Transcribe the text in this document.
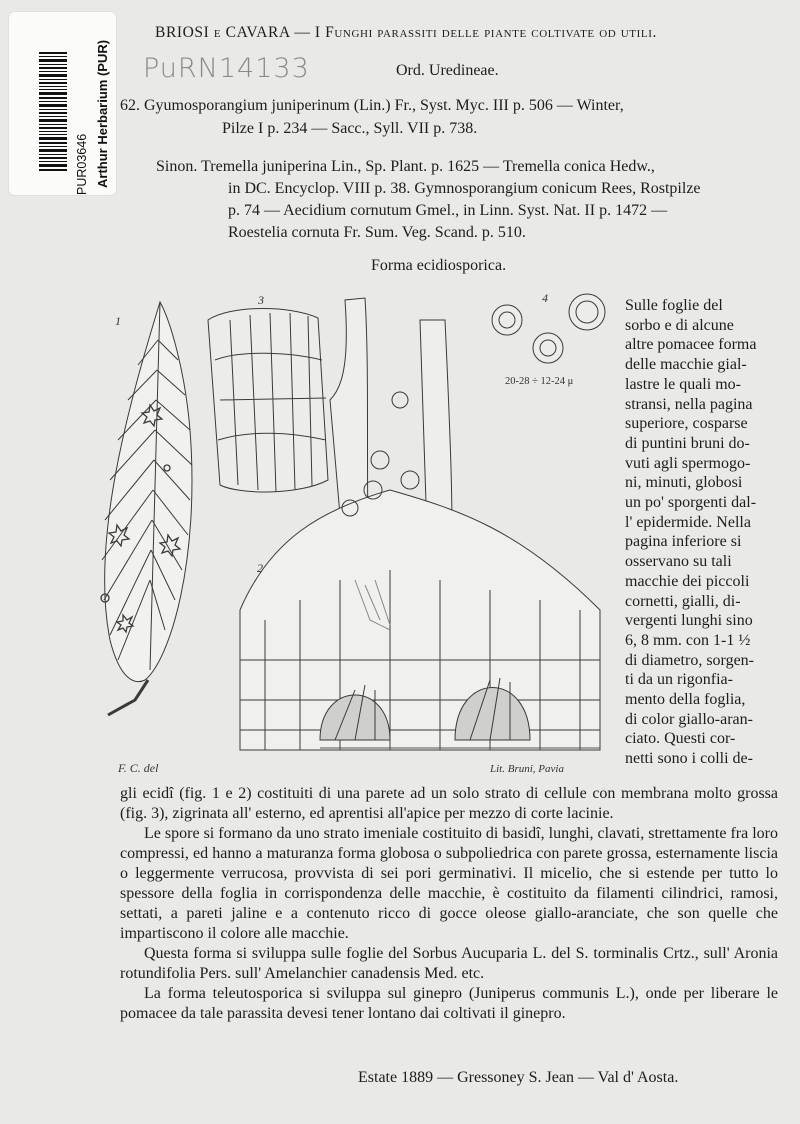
PUR03646 Arthur Herbarium (PUR) PuRN14133
BRIOSI e CAVARA — I Funghi parassiti delle piante coltivate od utili.
Ord. Uredineae.
62. Gyumosporangium juniperinum (Lin.) Fr., Syst. Myc. III p. 506 — Winter,
Pilze I p. 234 — Sacc., Syll. VII p. 738.
Sinon. Tremella juniperina Lin., Sp. Plant. p. 1625 — Tremella conica Hedw.,
in DC. Encyclop. VIII p. 38. Gymnosporangium conicum Rees, Rostpilze
p. 74 — Aecidium cornutum Gmel., in Linn. Syst. Nat. II p. 1472 —
Roestelia cornuta Fr. Sum. Veg. Scand. p. 510.
Forma ecidiosporica.
1
2
3	4
20-28 ÷ 12-24 μ
F. C. del	Lit. Bruni, Pavia
Sulle foglie del
sorbo e di alcune
altre pomacee forma
delle macchie gial-
lastre le quali mo-
stransi, nella pagina
superiore, cosparse
di puntini bruni do-
vuti agli spermogo-
ni, minuti, globosi
un po' sporgenti dal-
l' epidermide. Nella
pagina inferiore si
osservano su tali
macchie dei piccoli
cornetti, gialli, di-
vergenti lunghi sino
6, 8 mm. con 1-1 ½
di diametro, sorgen-
ti da un rigonfia-
mento della foglia,
di color giallo-aran-
ciato. Questi cor-
netti sono i colli de-

gli ecidî (fig. 1 e 2) costituiti di una parete ad un solo strato di cellule con membrana molto grossa (fig. 3), zigrinata all' esterno, ed aprentisi all'apice per mezzo di corte lacinie.

Le spore si formano da uno strato imeniale costituito di basidî, lunghi, clavati, strettamente fra loro compressi, ed hanno a maturanza forma globosa o subpoliedrica con parete grossa, esternamente liscia o leggermente verrucosa, provvista di sei pori germinativi. Il micelio, che si estende per tutto lo spessore della foglia in corrispondenza delle macchie, è costituito da filamenti cilindrici, ramosi, settati, a pareti jaline e a contenuto ricco di gocce oleose giallo-aranciate, che son quelle che impartiscono il colore alle macchie.

Questa forma si sviluppa sulle foglie del Sorbus Aucuparia L. del S. torminalis Crtz., sull' Aronia rotundifolia Pers. sull' Amelanchier canadensis Med. etc.

La forma teleutosporica si sviluppa sul ginepro (Juniperus communis L.), onde per liberare le pomacee da tale parassita devesi tener lontano dai coltivati il ginepro.

Estate 1889 — Gressoney S. Jean — Val d' Aosta.
